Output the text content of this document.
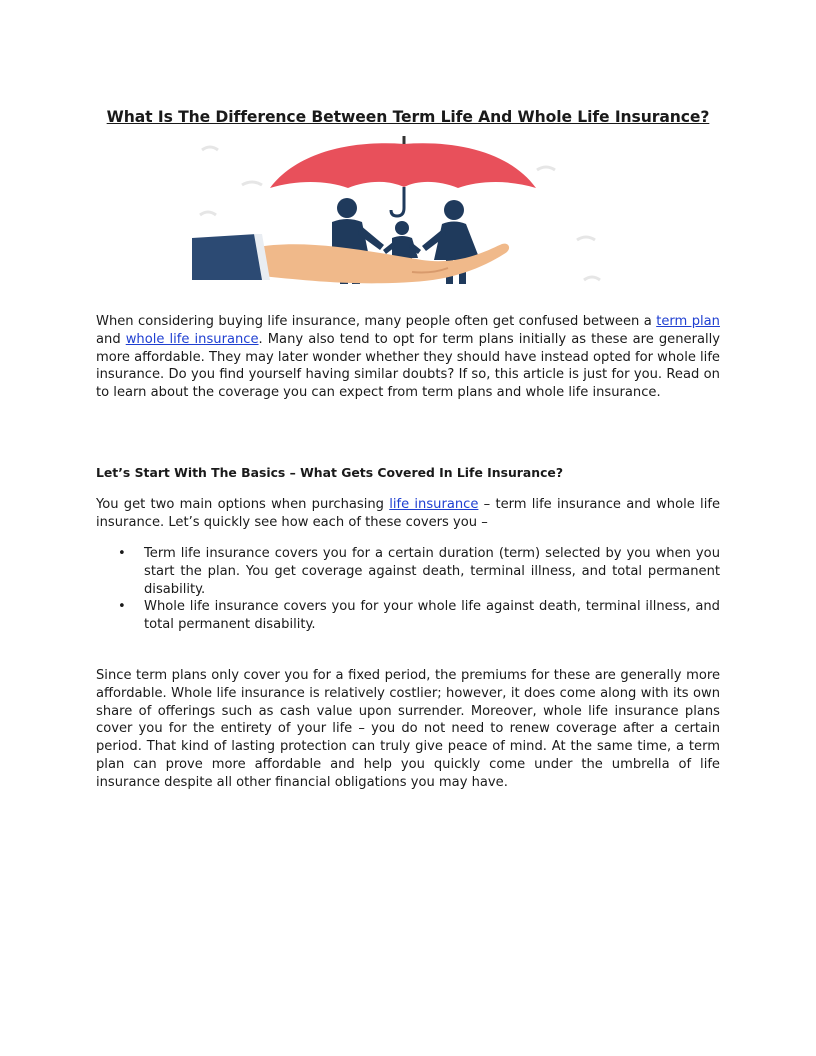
What Is The Difference Between Term Life And Whole Life Insurance?

When considering buying life insurance, many people often get confused between a term plan and whole life insurance. Many also tend to opt for term plans initially as these are generally more affordable. They may later wonder whether they should have instead opted for whole life insurance. Do you find yourself having similar doubts? If so, this article is just for you. Read on to learn about the coverage you can expect from term plans and whole life insurance.

Let’s Start With The Basics – What Gets Covered In Life Insurance?

You get two main options when purchasing life insurance – term life insurance and whole life insurance. Let’s quickly see how each of these covers you –

• Term life insurance covers you for a certain duration (term) selected by you when you start the plan. You get coverage against death, terminal illness, and total permanent disability.
• Whole life insurance covers you for your whole life against death, terminal illness, and total permanent disability.

Since term plans only cover you for a fixed period, the premiums for these are generally more affordable. Whole life insurance is relatively costlier; however, it does come along with its own share of offerings such as cash value upon surrender. Moreover, whole life insurance plans cover you for the entirety of your life – you do not need to renew coverage after a certain period. That kind of lasting protection can truly give peace of mind. At the same time, a term plan can prove more affordable and help you quickly come under the umbrella of life insurance despite all other financial obligations you may have.
